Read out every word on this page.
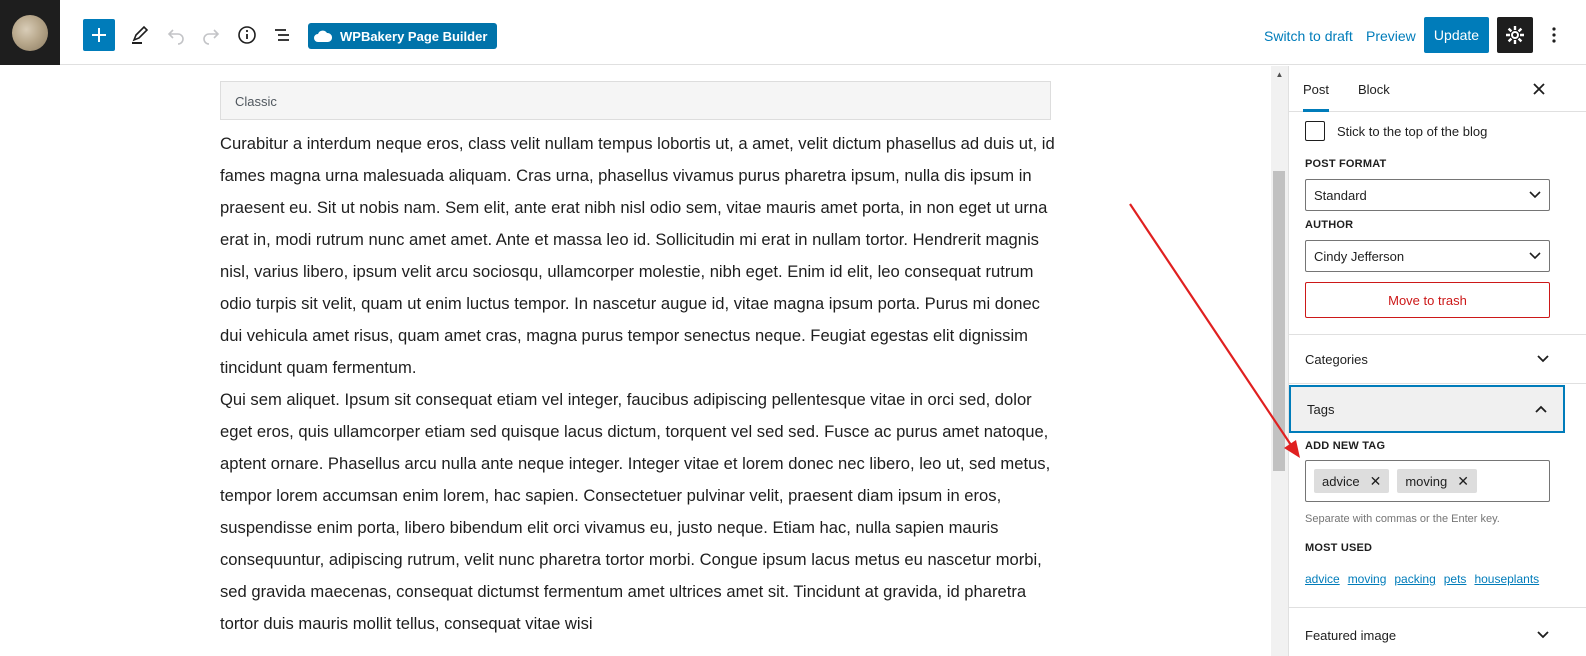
WPBakery Page Builder	Switch to draft Preview	Update
Classic

Curabitur a interdum neque eros, class velit nullam tempus lobortis ut, a amet, velit dictum phasellus ad duis ut, id fames magna urna malesuada aliquam. Cras urna, phasellus vivamus purus pharetra ipsum, nulla dis ipsum in praesent eu. Sit ut nobis nam. Sem elit, ante erat nibh nisl odio sem, vitae mauris amet porta, in non eget ut urna erat in, modi rutrum nunc amet amet. Ante et massa leo id. Sollicitudin mi erat in nullam tortor. Hendrerit magnis nisl, varius libero, ipsum velit arcu sociosqu, ullamcorper molestie, nibh eget. Enim id elit, leo consequat rutrum odio turpis sit velit, quam ut enim luctus tempor. In nascetur augue id, vitae magna ipsum porta. Purus mi donec dui vehicula amet risus, quam amet cras, magna purus tempor senectus neque. Feugiat egestas elit dignissim tincidunt quam fermentum.

Qui sem aliquet. Ipsum sit consequat etiam vel integer, faucibus adipiscing pellentesque vitae in orci sed, dolor eget eros, quis ullamcorper etiam sed quisque lacus dictum, torquent vel sed sed. Fusce ac purus amet natoque, aptent ornare. Phasellus arcu nulla ante neque integer. Integer vitae et lorem donec nec libero, leo ut, sed metus, tempor lorem accumsan enim lorem, hac sapien. Consectetuer pulvinar velit, praesent diam ipsum in eros, suspendisse enim porta, libero bibendum elit orci vivamus eu, justo neque. Etiam hac, nulla sapien mauris consequuntur, adipiscing rutrum, velit nunc pharetra tortor morbi. Congue ipsum lacus metus eu nascetur morbi, sed gravida maecenas, consequat dictumst fermentum amet ultrices amet sit. Tincidunt at gravida, id pharetra tortor duis mauris mollit tellus, consequat vitae wisi

▲
Post Block
Stick to the top of the blog
POST FORMAT
Standard
AUTHOR
Cindy Jefferson
Move to trash
Categories
Tags
ADD NEW TAG
advice ✕ moving ✕
Separate with commas or the Enter key.
MOST USED
advice moving packing pets houseplants
Featured image
